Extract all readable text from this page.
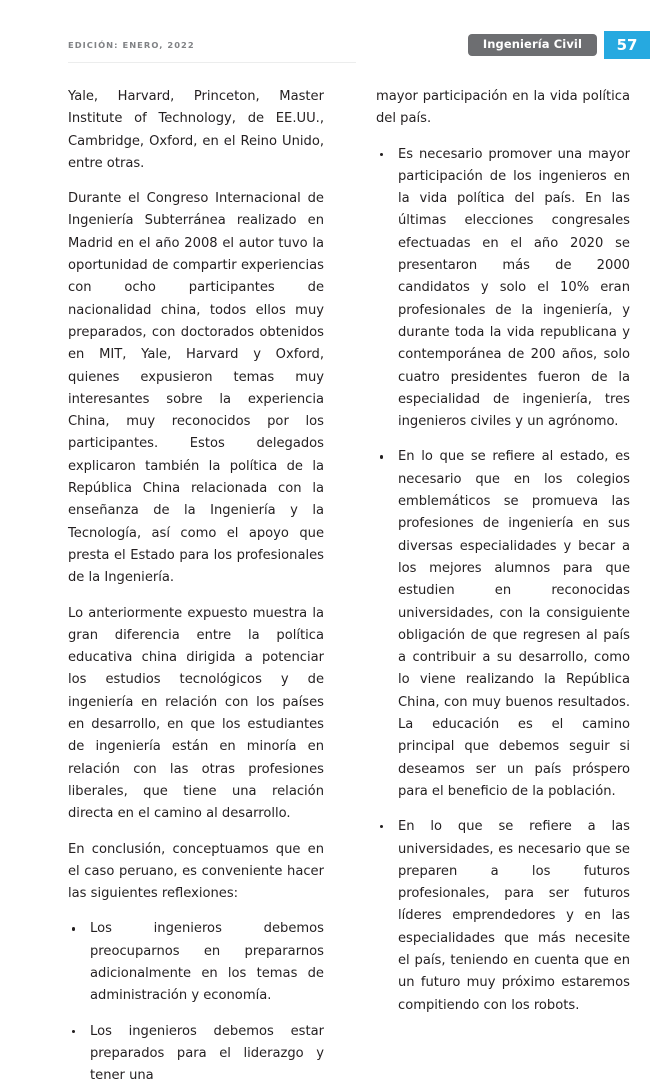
EDICIÓN: ENERO, 2022	Ingeniería Civil	57

Yale, Harvard, Princeton, Master Institute of Technology, de EE.UU., Cambridge, Oxford, en el Reino Unido, entre otras.

Durante el Congreso Internacional de Ingeniería Subterránea realizado en Madrid en el año 2008 el autor tuvo la oportunidad de compartir experiencias con ocho participantes de nacionalidad china, todos ellos muy preparados, con doctorados obtenidos en MIT, Yale, Harvard y Oxford, quienes expusieron temas muy interesantes sobre la experiencia China, muy reconocidos por los participantes. Estos delegados explicaron también la política de la República China relacionada con la enseñanza de la Ingeniería y la Tecnología, así como el apoyo que presta el Estado para los profesionales de la Ingeniería.

Lo anteriormente expuesto muestra la gran diferencia entre la política educativa china dirigida a potenciar los estudios tecnológicos y de ingeniería en relación con los países en desarrollo, en que los estudiantes de ingeniería están en minoría en relación con las otras profesiones liberales, que tiene una relación directa en el camino al desarrollo.

En conclusión, conceptuamos que en el caso peruano, es conveniente hacer las siguientes reflexiones:

Los ingenieros debemos preocuparnos en prepararnos adicionalmente en los temas de administración y economía.
Los ingenieros debemos estar preparados para el liderazgo y tener una

mayor participación en la vida política del país.

Es necesario promover una mayor participación de los ingenieros en la vida política del país. En las últimas elecciones congresales efectuadas en el año 2020 se presentaron más de 2000 candidatos y solo el 10% eran profesionales de la ingeniería, y durante toda la vida republicana y contemporánea de 200 años, solo cuatro presidentes fueron de la especialidad de ingeniería, tres ingenieros civiles y un agrónomo.
En lo que se refiere al estado, es necesario que en los colegios emblemáticos se promueva las profesiones de ingeniería en sus diversas especialidades y becar a los mejores alumnos para que estudien en reconocidas universidades, con la consiguiente obligación de que regresen al país a contribuir a su desarrollo, como lo viene realizando la República China, con muy buenos resultados. La educación es el camino principal que debemos seguir si deseamos ser un país próspero para el beneficio de la población.
En lo que se refiere a las universidades, es necesario que se preparen a los futuros profesionales, para ser futuros líderes emprendedores y en las especialidades que más necesite el país, teniendo en cuenta que en un futuro muy próximo estaremos compitiendo con los robots.
